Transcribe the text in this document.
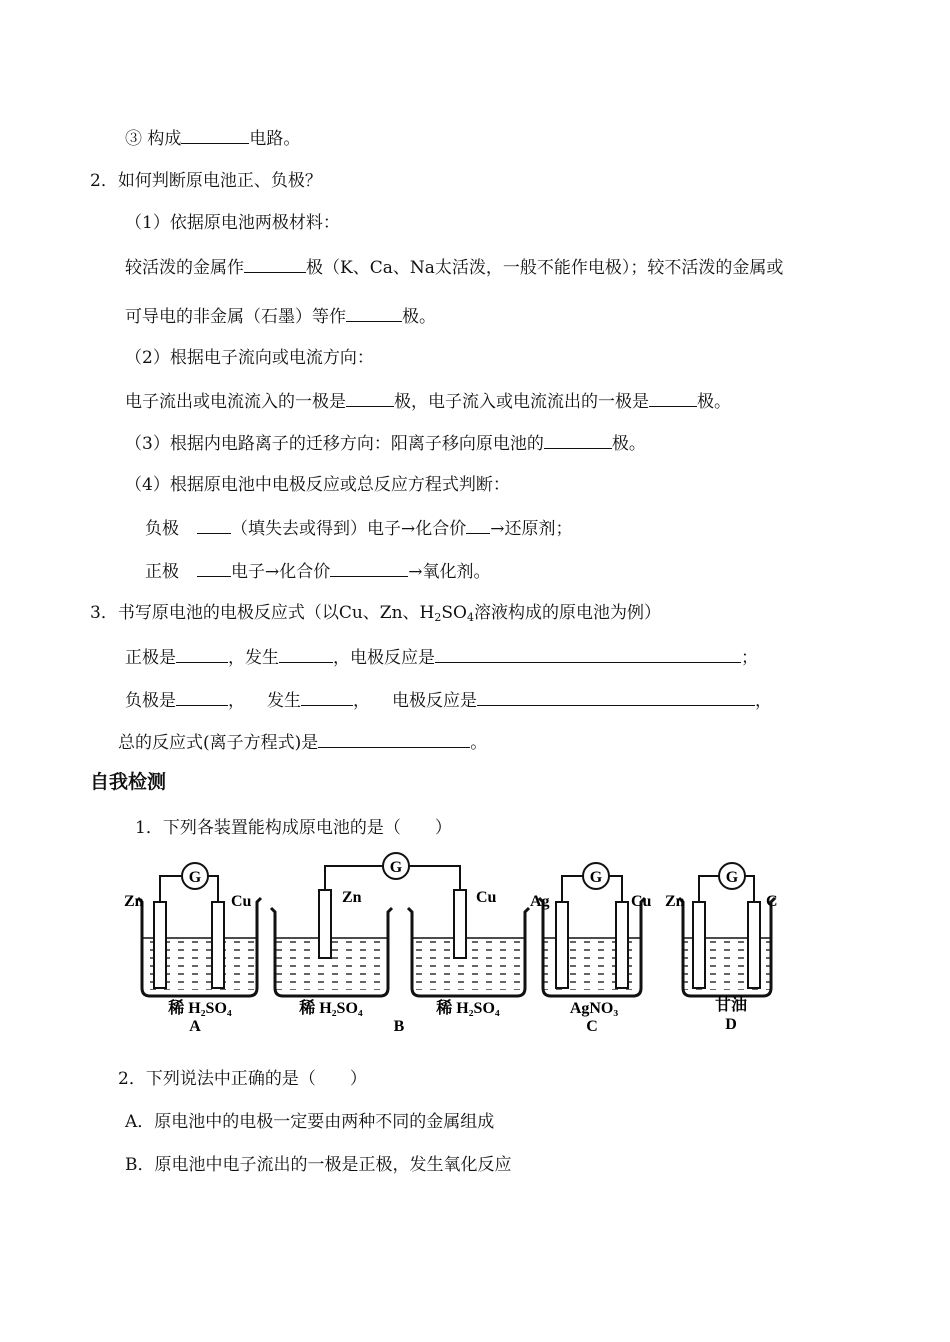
③ 构成	电路。
2．如何判断原电池正、负极？
（1）依据原电池两极材料：
较活泼的金属作	极（K、Ca、Na太活泼，一般不能作电极）；较不活泼的金属或
可导电的非金属（石墨）等作	极。
（2）根据电子流向或电流方向：
电子流出或电流流入的一极是	极，电子流入或电流流出的一极是	极。
（3）根据内电路离子的迁移方向：阳离子移向原电池的	极。
（4）根据原电池中电极反应或总反应方程式判断：
负极	（填失去或得到）电子→化合价 →还原剂；
正极	电子→化合价	→氧化剂。
3．书写原电池的电极反应式（以Cu、Zn、$H_2SO_4$溶液构成的原电池为例）
正极是	，发生	，电极反应是	；
负极是	， 发生	， 电极反应是	，
总的反应式(离子方程式)是	。
自我检测
1．下列各装置能构成原电池的是（　　）
G
Zn	Cu
稀 H₂SO₄
A
G
Zn	Cu
稀 H₂SO₄	稀 H₂SO₄
B
G
Ag	Cu
AgNO₃
C
G
Zn	C
甘油
D
2．下列说法中正确的是（　　）
A．原电池中的电极一定要由两种不同的金属组成
B．原电池中电子流出的一极是正极，发生氧化反应
